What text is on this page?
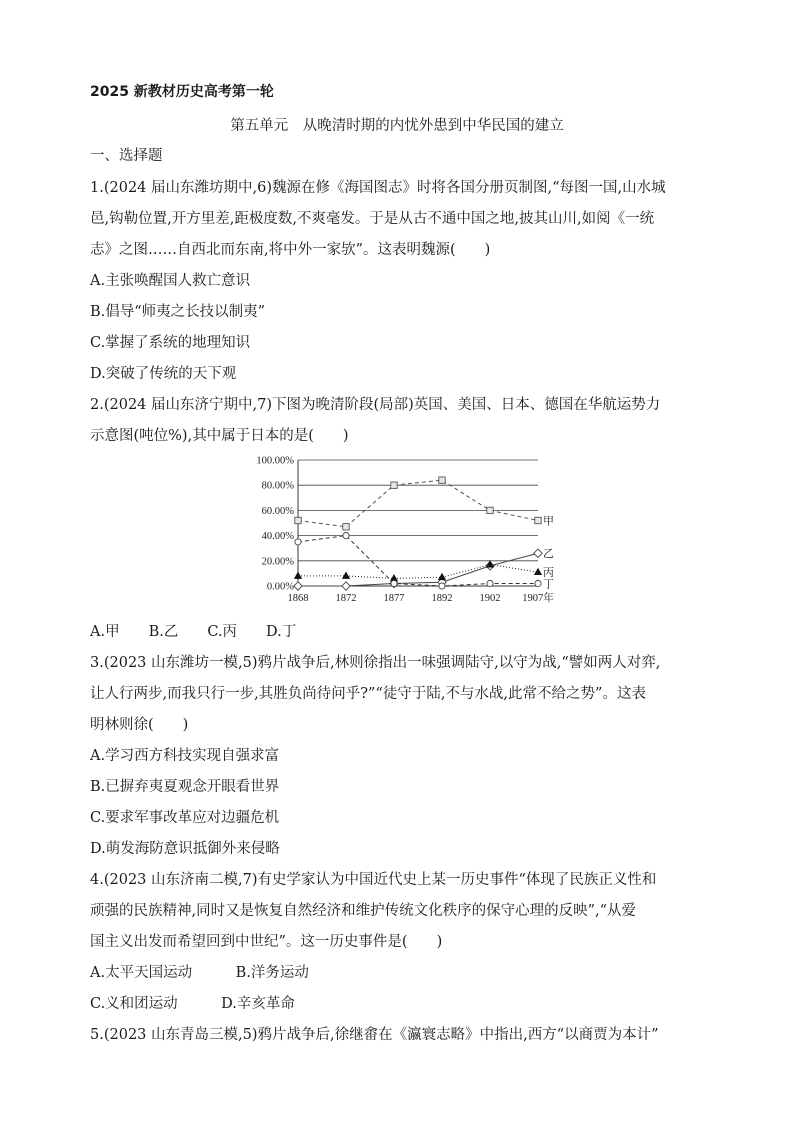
2025 新教材历史高考第一轮
第五单元　从晚清时期的内忧外患到中华民国的建立
一、选择题
1.(2024 届山东潍坊期中,6)魏源在修《海国图志》时将各国分册页制图,“每图一国,山水城
邑,钩勒位置,开方里差,距极度数,不爽毫发。于是从古不通中国之地,披其山川,如阅《一统
志》之图……自西北而东南,将中外一家欤”。这表明魏源(　　)
A.主张唤醒国人救亡意识
B.倡导“师夷之长技以制夷”
C.掌握了系统的地理知识
D.突破了传统的天下观
2.(2024 届山东济宁期中,7)下图为晚清阶段(局部)英国、美国、日本、德国在华航运势力
示意图(吨位%),其中属于日本的是(　　)
0.00%
20.00%
40.00%
60.00%
80.00%
100.00%
1868	1872	1877	1892	1902 1907年
甲
乙
丙
丁
A.甲　　B.乙　　C.丙　　D.丁
3.(2023 山东潍坊一模,5)鸦片战争后,林则徐指出一味强调陆守,以守为战,“譬如两人对弈,
让人行两步,而我只行一步,其胜负尚待问乎?”“徒守于陆,不与水战,此常不给之势”。这表
明林则徐(　　)
A.学习西方科技实现自强求富
B.已摒弃夷夏观念开眼看世界
C.要求军事改革应对边疆危机
D.萌发海防意识抵御外来侵略
4.(2023 山东济南二模,7)有史学家认为中国近代史上某一历史事件“体现了民族正义性和
顽强的民族精神,同时又是恢复自然经济和维护传统文化秩序的保守心理的反映”,“从爱
国主义出发而希望回到中世纪”。这一历史事件是(　　)
A.太平天国运动　　　B.洋务运动
C.义和团运动　　　D.辛亥革命
5.(2023 山东青岛三模,5)鸦片战争后,徐继畬在《瀛寰志略》中指出,西方“以商贾为本计”
